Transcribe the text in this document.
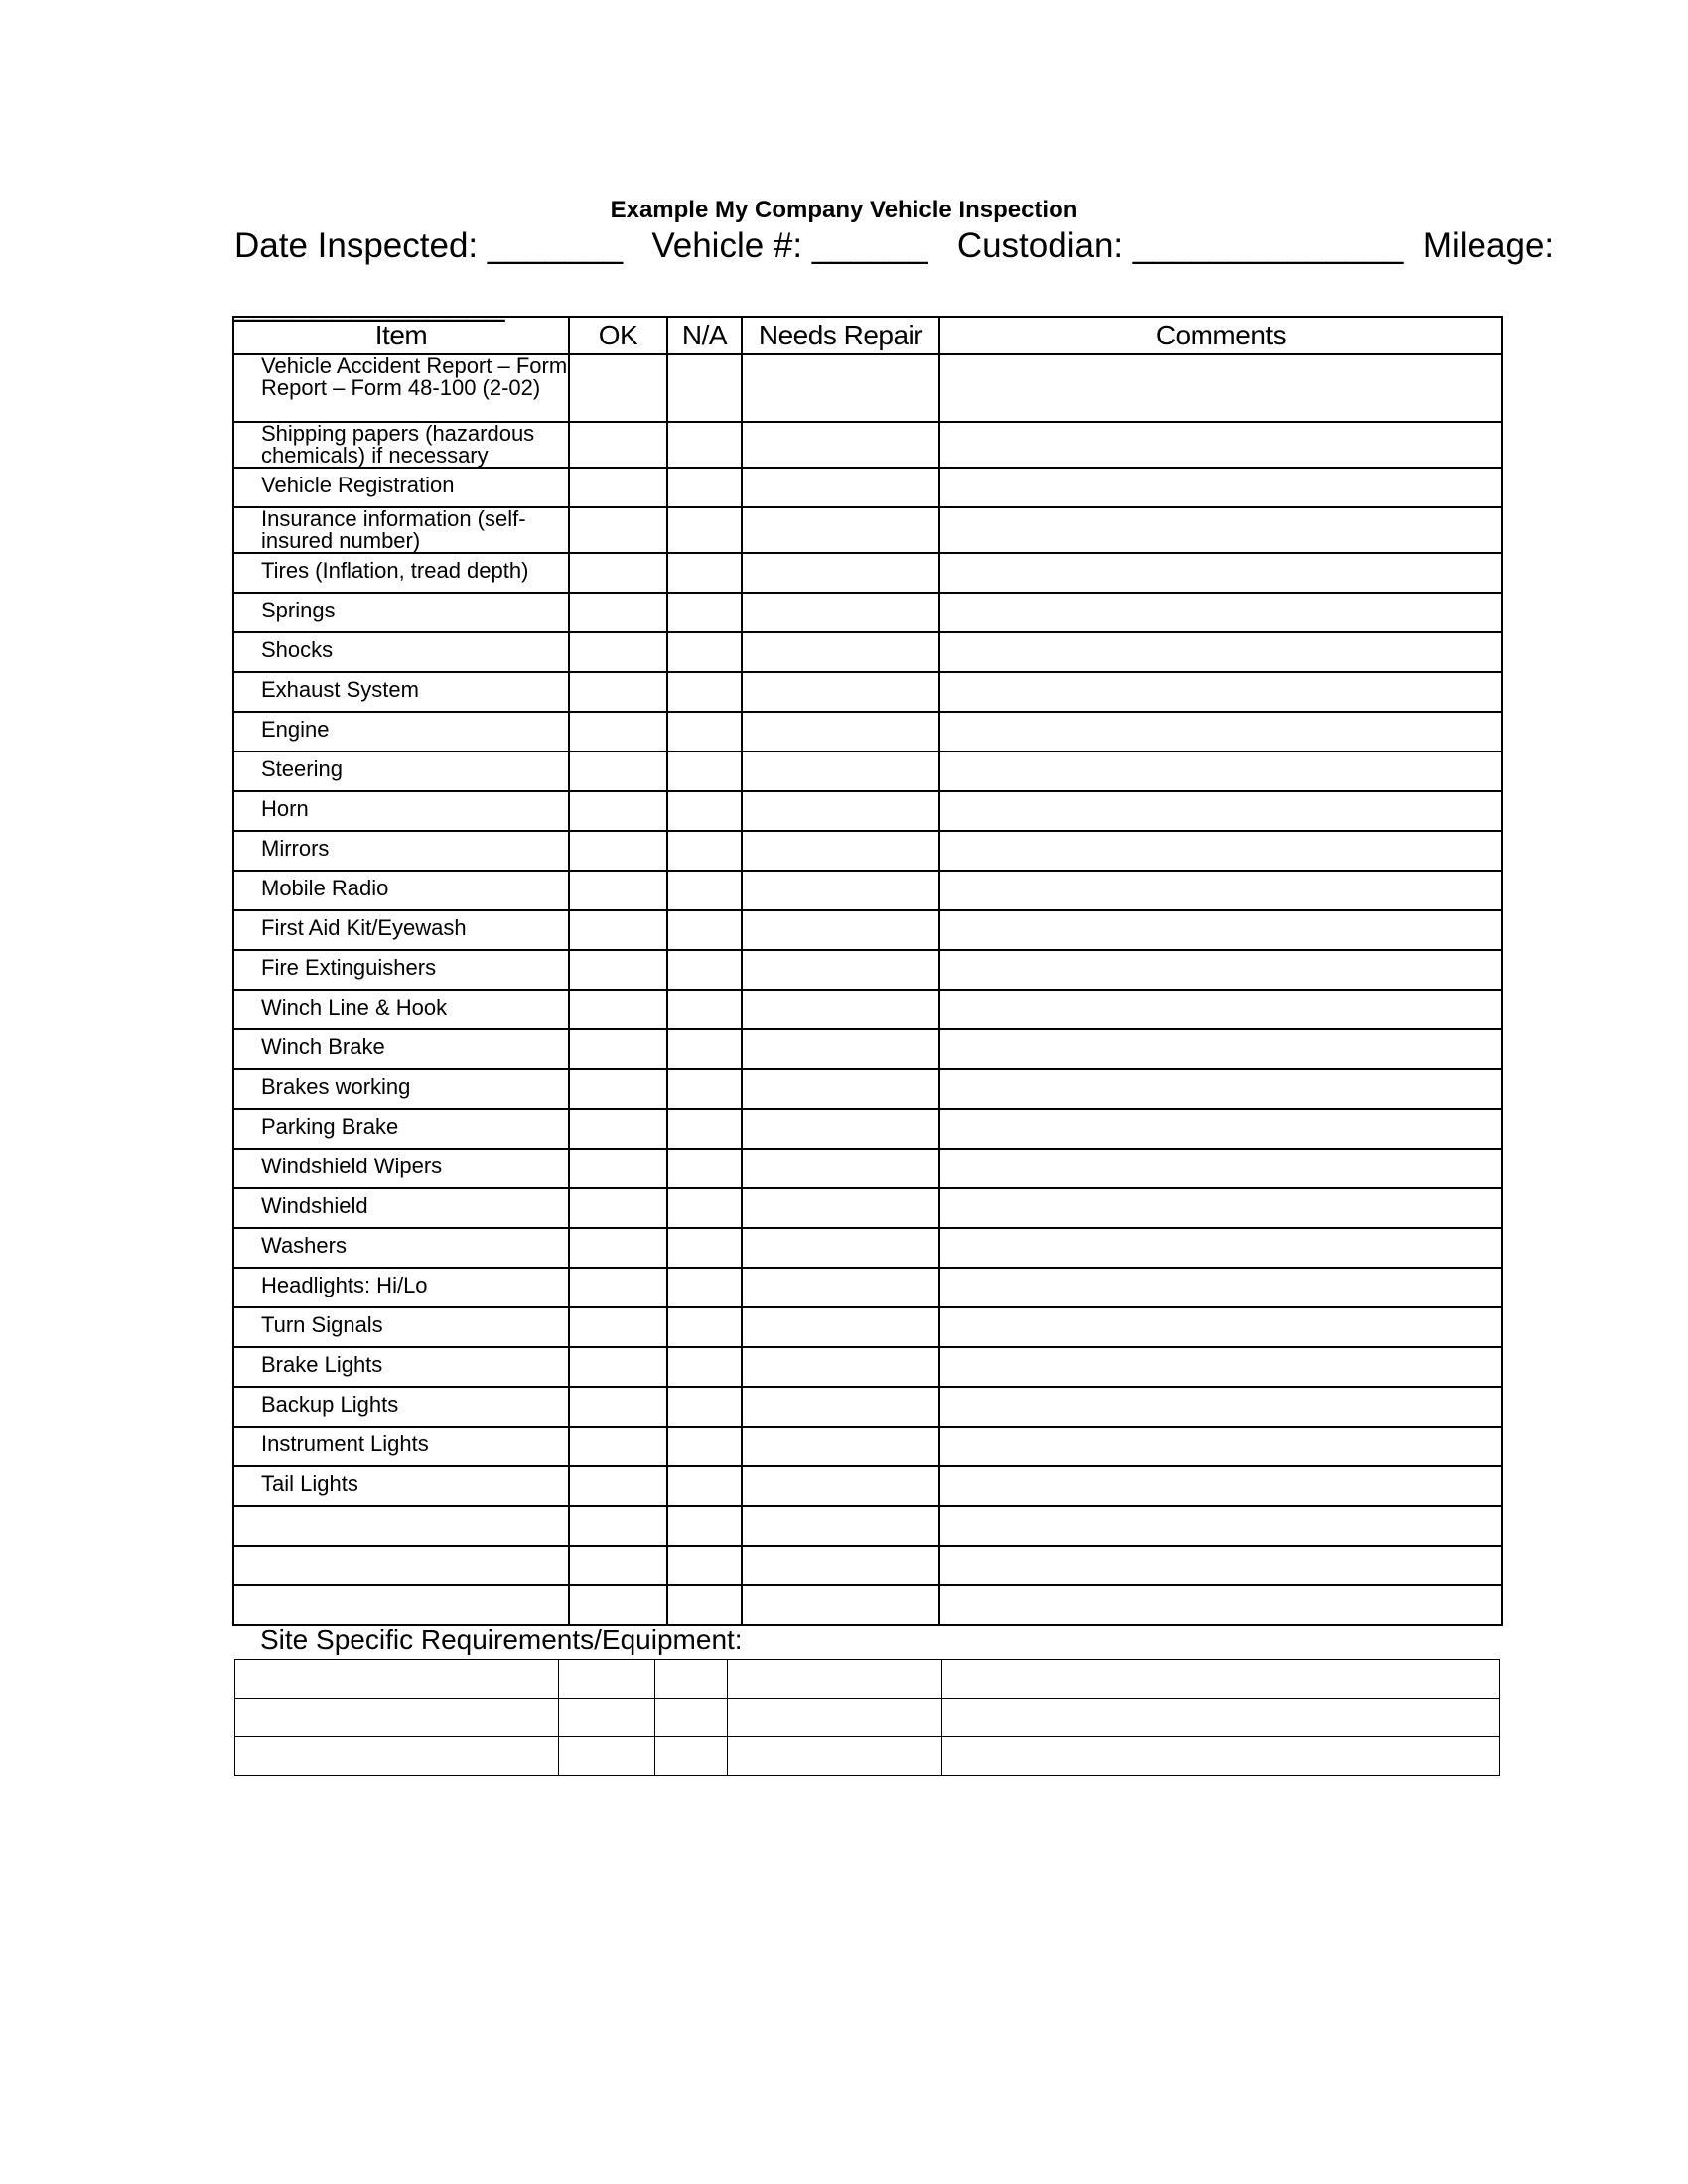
Example My Company Vehicle Inspection
Date Inspected: _______ Vehicle #: ______ Custodian: ______________ Mileage:
______________
Item	OK	N/A	Needs Repair	Comments
Vehicle Accident Report – Form Report – Form 48-100 (2-02)				
Shipping papers (hazardous chemicals) if necessary				
Vehicle Registration				
Insurance information (self-insured number)				
Tires (Inflation, tread depth)				
Springs				
Shocks				
Exhaust System				
Engine				
Steering				
Horn				
Mirrors				
Mobile Radio				
First Aid Kit/Eyewash				
Fire Extinguishers				
Winch Line & Hook				
Winch Brake				
Brakes working				
Parking Brake				
Windshield Wipers				
Windshield				
Washers				
Headlights: Hi/Lo				
Turn Signals				
Brake Lights				
Backup Lights				
Instrument Lights				
Tail Lights				

Site Specific Requirements/Equipment:
